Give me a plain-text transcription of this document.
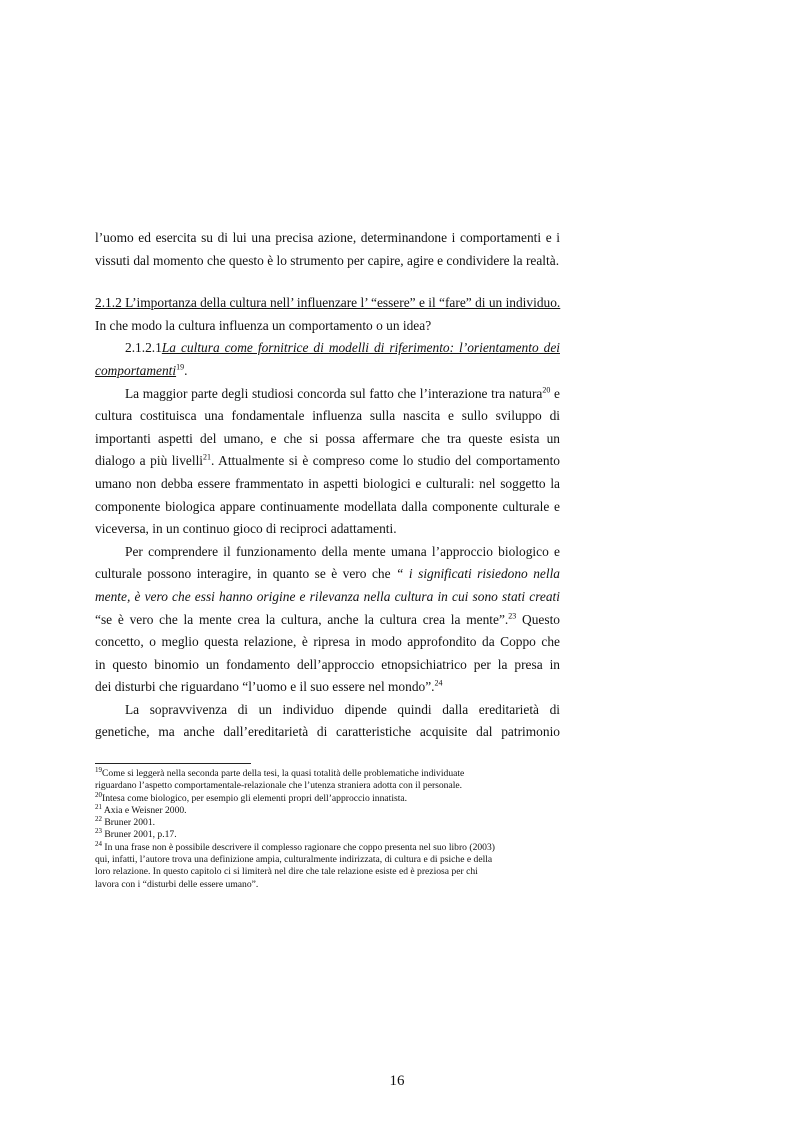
l’uomo ed esercita su di lui una precisa azione, determinandone i comportamenti e i
vissuti dal momento che questo è lo strumento per capire, agire e condividere la realtà.
2.1.2 L’importanza della cultura nell’ influenzare l’ “essere” e il “fare” di un individuo.
In che modo la cultura influenza un comportamento o un idea?
2.1.2.1La cultura come fornitrice di modelli di riferimento: l’orientamento dei
comportamenti$^{19}$.
La maggior parte degli studiosi concorda sul fatto che l’interazione tra natura$^{20}$ e
cultura costituisca una fondamentale influenza sulla nascita e sullo sviluppo di
importanti aspetti del umano, e che si possa affermare che tra queste esista un
dialogo a più livelli$^{21}$. Attualmente si è compreso come lo studio del comportamento
umano non debba essere frammentato in aspetti biologici e culturali: nel soggetto la
componente biologica appare continuamente modellata dalla componente culturale e
viceversa, in un continuo gioco di reciproci adattamenti.
Per comprendere il funzionamento della mente umana l’approccio biologico e
culturale possono interagire, in quanto se è vero che “ i significati risiedono nella
mente, è vero che essi hanno origine e rilevanza nella cultura in cui sono stati creati
“se è vero che la mente crea la cultura, anche la cultura crea la mente”.$^{23}$ Questo
concetto, o meglio questa relazione, è ripresa in modo approfondito da Coppo che
in questo binomio un fondamento dell’approccio etnopsichiatrico per la presa in
dei disturbi che riguardano “l’uomo e il suo essere nel mondo”.$^{24}$
La sopravvivenza di un individuo dipende quindi dalla ereditarietà di
genetiche, ma anche dall’ereditarietà di caratteristiche acquisite dal patrimonio
$^{19}$Come si leggerà nella seconda parte della tesi, la quasi totalità delle problematiche individuate
riguardano l’aspetto comportamentale-relazionale che l’utenza straniera adotta con il personale.
$^{20}$Intesa come biologico, per esempio gli elementi propri dell’approccio innatista.
$^{21}$ Axia e Weisner 2000.
$^{22}$ Bruner 2001.
$^{23}$ Bruner 2001, p.17.
$^{24}$ In una frase non è possibile descrivere il complesso ragionare che coppo presenta nel suo libro (2003)
qui, infatti, l’autore trova una definizione ampia, culturalmente indirizzata, di cultura e di psiche e della
loro relazione. In questo capitolo ci si limiterà nel dire che tale relazione esiste ed è preziosa per chi
lavora con i “disturbi delle essere umano”.
16
